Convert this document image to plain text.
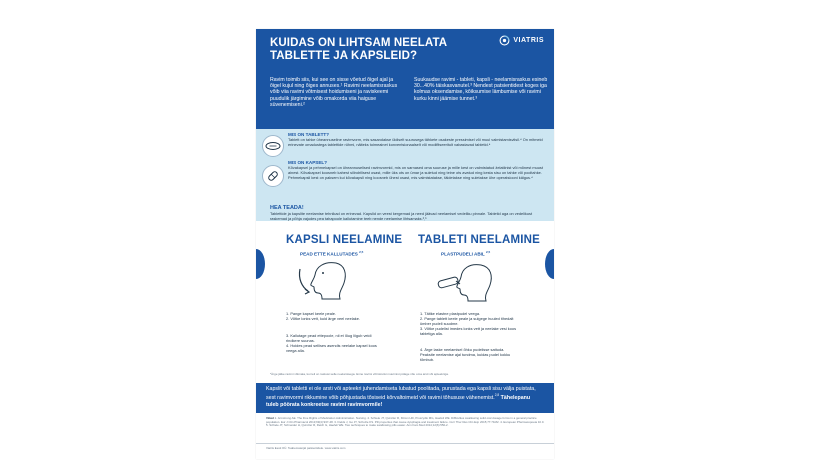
KUIDAS ON LIHTSAM NEELATA TABLETTE JA KAPSLEID?
VIATRIS
Ravim toimib siis, kui see on sisse võetud õigel ajal ja õigel kujul ning õiges annuses.¹ Ravimi neelamisraskus võib viia ravimi võtmisest hoidumiseni ja raviskeemi puudulik järgimine võib omakorda viia haiguse süvenemiseni.²
Suukaudse ravimi - tableti, kapsli - neelamisraskus esineb 30...40% täiskasvanutel.³ Nendest patsientidest koges iga kolmas oksendamise, kõiksumise lämbumise või ravimi kurku kinni jäämise tunnet.³
MIS ON TABLETT?
Tablett on tahke üheannuseline ravimvorm, mis sasandakse üldiselt suurusega tähkete osakeste pressimisel või muul valmistamisviisil.⁴ On mitmeid erinevate omadustega tablettide rühmi, näiteks toimeainet konventsionaalselt või modifitseeritult vabastavad tabletid.⁴
MIS ON KAPSEL?
Kõvakapsel ja pehmekapsel on üheannuselised ravimvormid, mis on sarnased oma suuruse ja mille kest on valmistatud želatiinist või mõnest muust ainest. Kõvakapsel koosneb kahest silindrilisest osast, mille üks ots on ümar ja suletud ning teine ots avatud ning kesta sisu on tahke või pooltahke. Pehmekapsli kest on paksem kui kõvakapsli ning koosneb ühest osast, mis valmistatakse, täidetakse ning suletakse ühe operatsiooni käigus.⁴
HEA TEADA!
Tablettide ja kapslite neelamise tehnikad on erinevad. Kapslid on veest kergemad ja need jäävad neelamisel vedeliku pinnale. Tabletid aga on vedelikust raskemad ja põhja vajudes pea tahapoole kallutamine teeb nende neelamise lihtsamaks.²,⁵
KAPSLI NEELAMINE
PEAD ETTE KALLUTADES $^{2,5}$
TABLETI NEELAMINE
PLASTPUDELI ABIL $^{2,5}$
1. Pange kapsel keele peale.
2. Võtke lonks vett, kuid ärge veel neelake.
3. Kallutage pead ettepoole, nii et lõug liigub veidi rindkere suunas.
4. Hoides pead sellises asendis neelake kapsel koos veega alla.
1. Täitke elastne plastpudel veega.
2. Pange tablett keele peale ja sulgege huuled tihedalt ümber pudeli suudme.
3. Võtke pudelist imedes lonks vett ja neelake vesi koos tabletiga alla.
4. Ärge laske neelamisel õhku pudelisse sattuda. Peaksite neelamise ajal tundma, kuidas pudel kokku tõmbub.
*Ärge jätke ravimi võtmata, kui teil on raskusi selle neelamisega. Enne ravimi võtmisviisi muutmist pidage nõu oma arsti või apteekriga.
Kapslit või tabletti ei ole arsti või apteekri juhendamiseta lubatud poolitada, purustada ega kapsli sisu välja puistata, sest ravimvormi rikkumine võib põhjustada tõsiseid kõrvaltoimeid või ravimi tõhususe vähenemist.$^{2,8}$ Tähelepanu tuleb pöörata konkreetse ravimi ravimvormile!
Viited 1. Armstrong AE. The Five Rights of Medication Administration. Nursing. 2. Schiele JT, Quinzler R, Klimm HD, Pruszydlo MG, Haefeli WE. Difficulties swallowing solid oral dosage forms in a general practice population. Eur J Clin Pharmacol 2013;69(4):937-48. 3. Fields J, Go JT, Schulze KS. Pill properties that cause dysphagia and treatment failure. Curr Ther Res Clin Exp 2015;77:79-82. 4. European Pharmacopoeia 10.0. 5. Schiele JT, Schneider H, Quinzler R, Reich G, Haefeli WE. Two techniques to make swallowing pills easier. Ann Fam Med 2014;12(6):550-2.
Viatris Eesti OÜ. Teabematerjal patsientidele. www.viatris.com
